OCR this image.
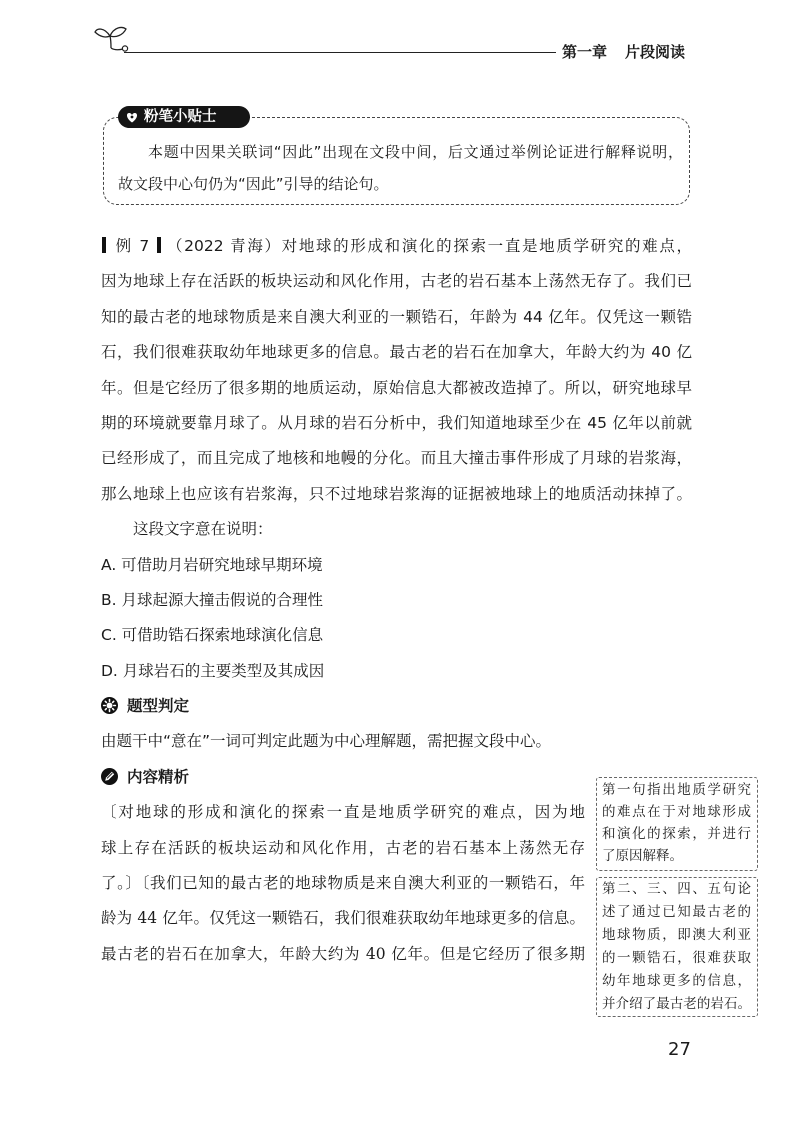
第一章 片段阅读
粉笔小贴士
本题中因果关联词“因此”出现在文段中间，后文通过举例论证进行解释说明，
故文段中心句仍为“因此”引导的结论句。
例 7 （2022 青海）对地球的形成和演化的探索一直是地质学研究的难点，
因为地球上存在活跃的板块运动和风化作用，古老的岩石基本上荡然无存了。我们已
知的最古老的地球物质是来自澳大利亚的一颗锆石，年龄为 44 亿年。仅凭这一颗锆
石，我们很难获取幼年地球更多的信息。最古老的岩石在加拿大，年龄大约为 40 亿
年。但是它经历了很多期的地质运动，原始信息大都被改造掉了。所以，研究地球早
期的环境就要靠月球了。从月球的岩石分析中，我们知道地球至少在 45 亿年以前就
已经形成了，而且完成了地核和地幔的分化。而且大撞击事件形成了月球的岩浆海，
那么地球上也应该有岩浆海，只不过地球岩浆海的证据被地球上的地质活动抹掉了。
这段文字意在说明：
A. 可借助月岩研究地球早期环境
B. 月球起源大撞击假说的合理性
C. 可借助锆石探索地球演化信息
D. 月球岩石的主要类型及其成因
题型判定
由题干中“意在”一词可判定此题为中心理解题，需把握文段中心。
内容精析
〔对地球的形成和演化的探索一直是地质学研究的难点，因为地
球上存在活跃的板块运动和风化作用，古老的岩石基本上荡然无存
了。〕〔我们已知的最古老的地球物质是来自澳大利亚的一颗锆石，年
龄为 44 亿年。仅凭这一颗锆石，我们很难获取幼年地球更多的信息。
最古老的岩石在加拿大，年龄大约为 40 亿年。但是它经历了很多期
第一句指出地质学研究
的难点在于对地球形成
和演化的探索，并进行
了原因解释。
第二、三、四、五句论
述了通过已知最古老的
地球物质，即澳大利亚
的一颗锆石，很难获取
幼年地球更多的信息，
并介绍了最古老的岩石。
27
